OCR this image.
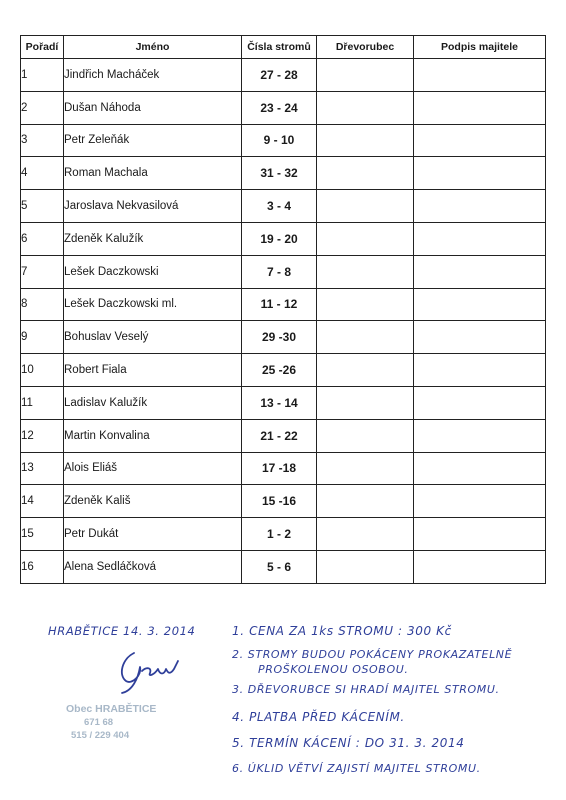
Pořadí	Jméno	Čísla stromů	Dřevorubec	Podpis majitele
1	Jindřich Macháček	27 - 28		
2	Dušan Náhoda	23 - 24		
3	Petr Zeleňák	9 - 10		
4	Roman Machala	31 - 32		
5	Jaroslava Nekvasilová	3 - 4		
6	Zdeněk Kalužík	19 - 20		
7	Lešek Daczkowski	7 - 8		
8	Lešek Daczkowski ml.	11 - 12		
9	Bohuslav Veselý	29 -30		
10	Robert Fiala	25 -26		
11	Ladislav Kalužík	13 - 14		
12	Martin Konvalina	21 - 22		
13	Alois Eliáš	17 -18		
14	Zdeněk Kališ	15 -16		
15	Petr Dukát	1 - 2		
16	Alena Sedláčková	5 - 6		
HRABĚTICE 14. 3. 2014
Obec HRABĚTICE
671 68
515 / 229 404
1. CENA ZA 1ks STROMU : 300 Kč
2. STROMY BUDOU POKÁCENY PROKAZATELNĚ
PROŠKOLENOU OSOBOU.
3. DŘEVORUBCE SI HRADÍ MAJITEL STROMU.
4. PLATBA PŘED KÁCENÍM.
5. TERMÍN KÁCENÍ : DO 31. 3. 2014
6. ÚKLID VĚTVÍ ZAJISTÍ MAJITEL STROMU.
